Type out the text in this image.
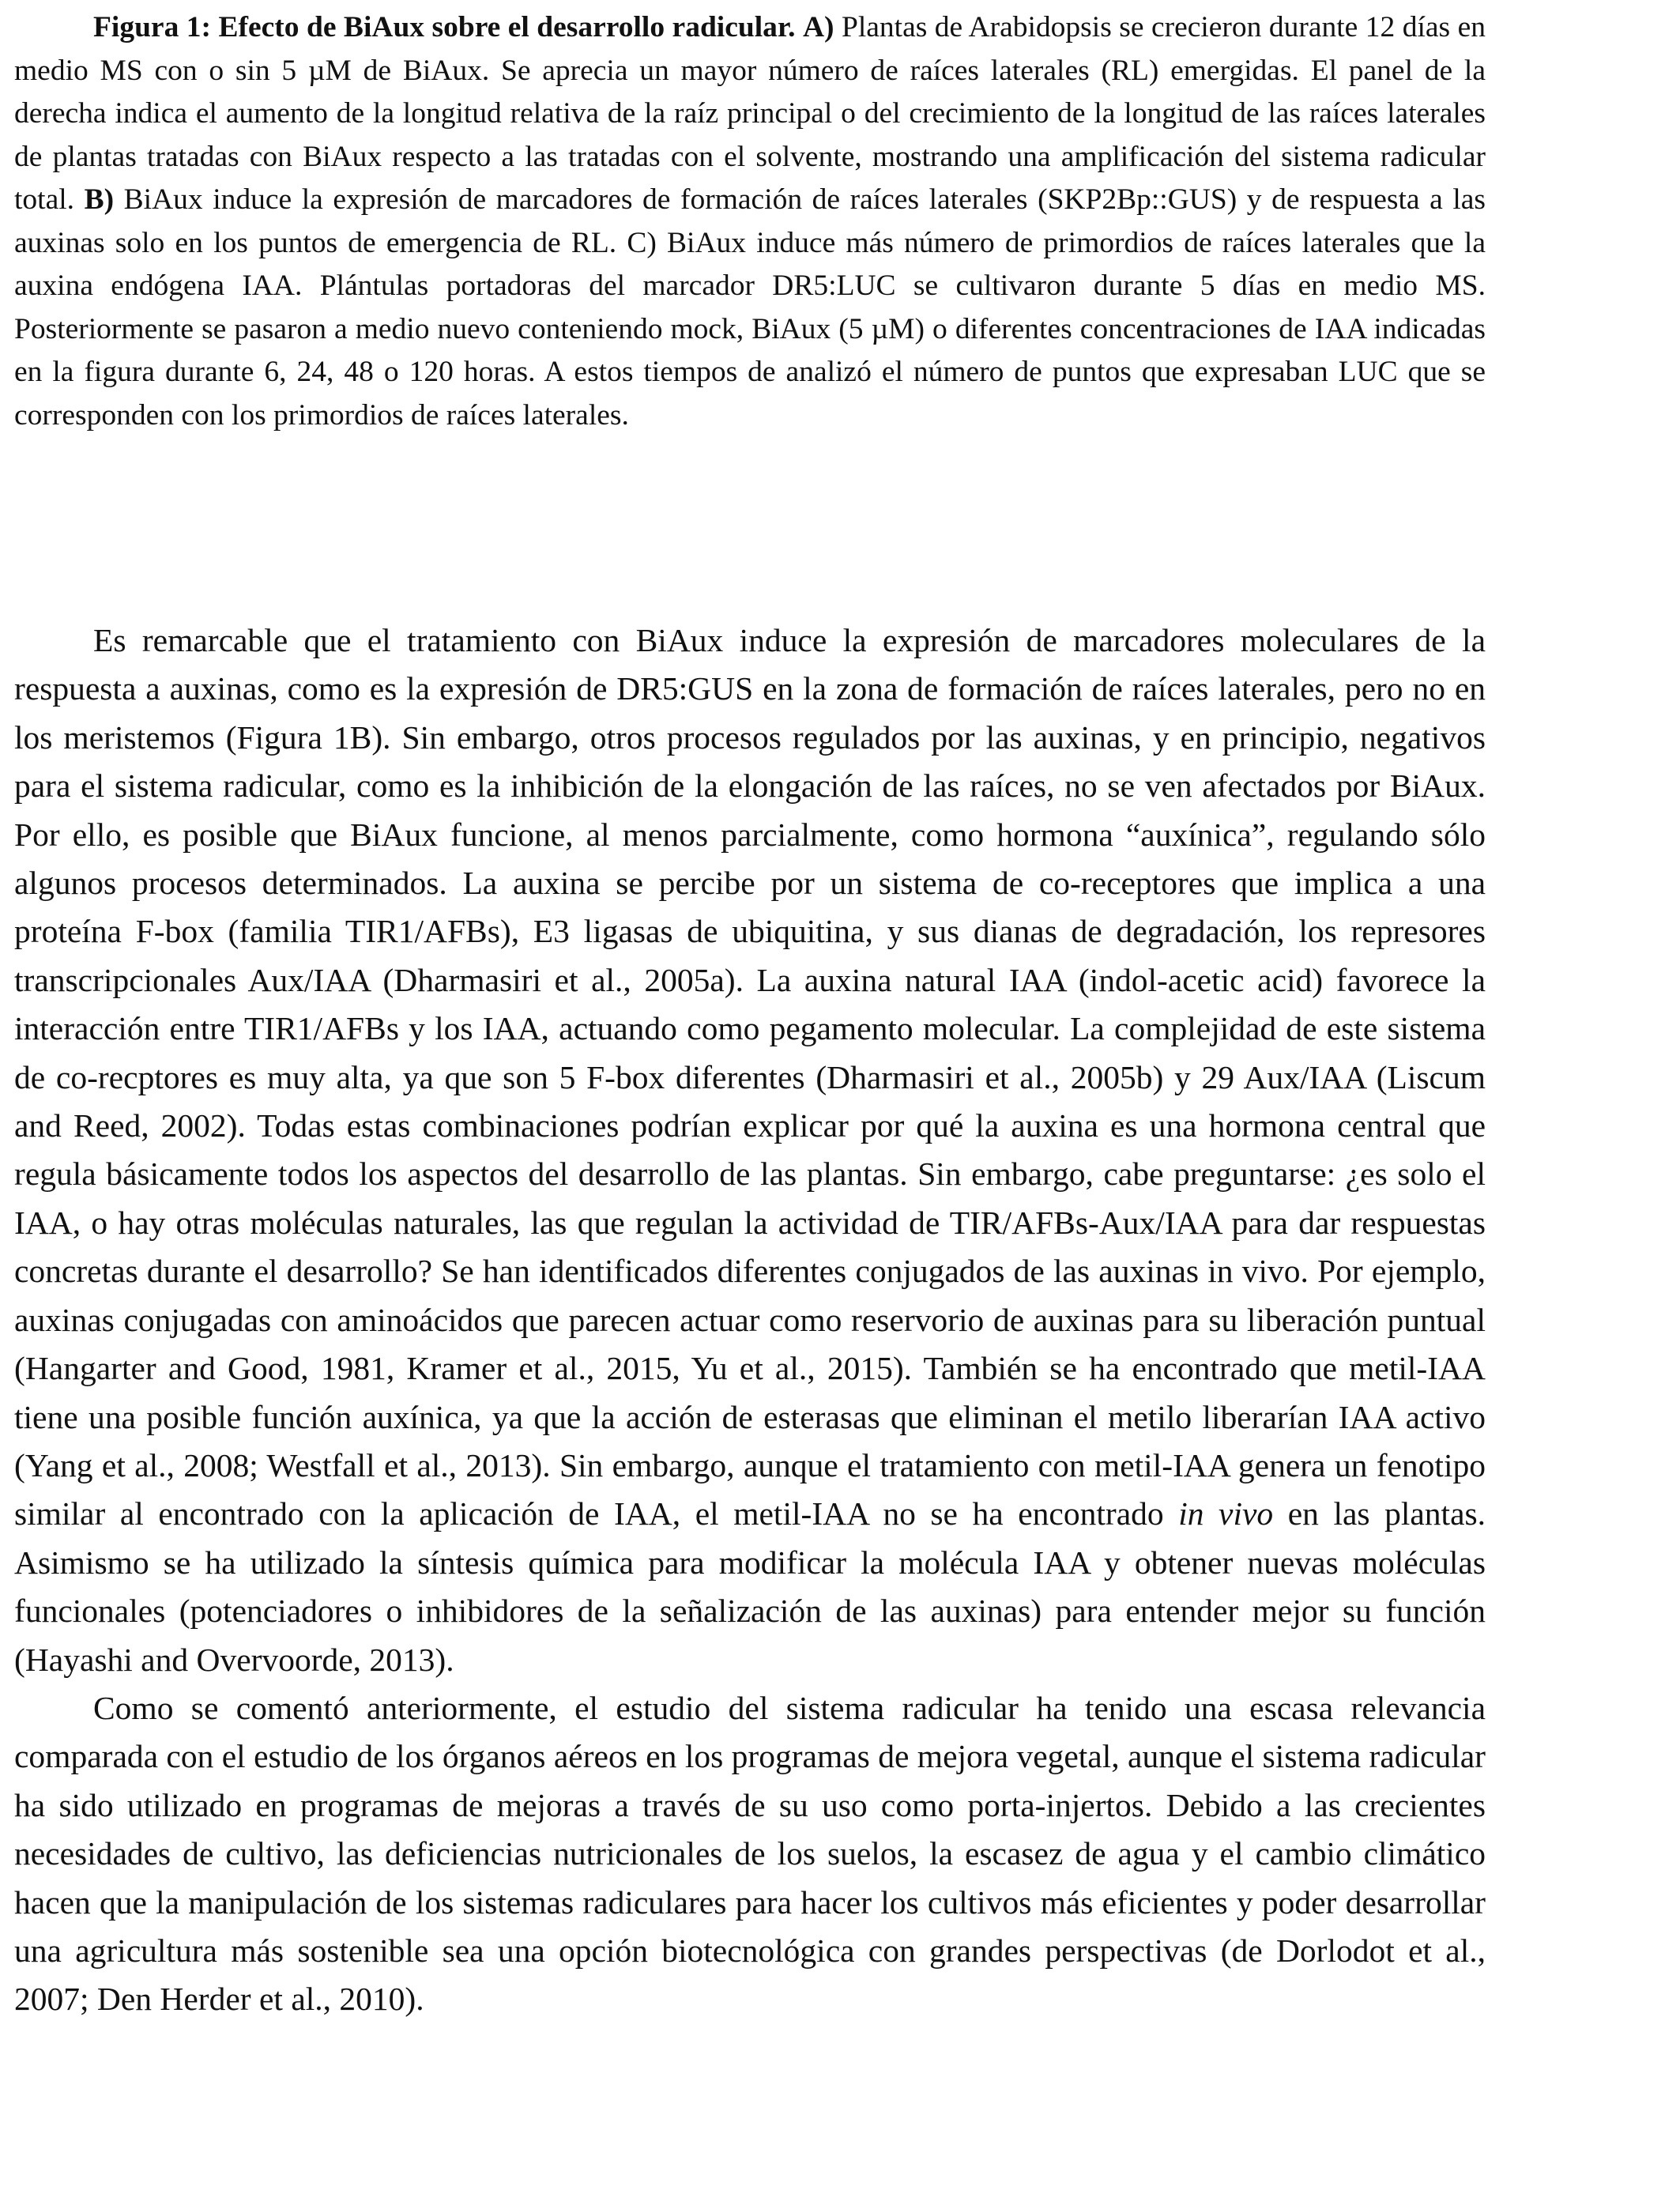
Figura 1: Efecto de BiAux sobre el desarrollo radicular. A) Plantas de Arabidopsis se crecieron durante 12 días en medio MS con o sin 5 µM de BiAux. Se aprecia un mayor número de raíces laterales (RL) emergidas. El panel de la derecha indica el aumento de la longitud relativa de la raíz principal o del crecimiento de la longitud de las raíces laterales de plantas tratadas con BiAux respecto a las tratadas con el solvente, mostrando una amplificación del sistema radicular total. B) BiAux induce la expresión de marcadores de formación de raíces laterales (SKP2Bp::GUS) y de respuesta a las auxinas solo en los puntos de emergencia de RL. C) BiAux induce más número de primordios de raíces laterales que la auxina endógena IAA. Plántulas portadoras del marcador DR5:LUC se cultivaron durante 5 días en medio MS. Posteriormente se pasaron a medio nuevo conteniendo mock, BiAux (5 µM) o diferentes concentraciones de IAA indicadas en la figura durante 6, 24, 48 o 120 horas. A estos tiempos de analizó el número de puntos que expresaban LUC que se corresponden con los primordios de raíces laterales.

Es remarcable que el tratamiento con BiAux induce la expresión de marcadores moleculares de la respuesta a auxinas, como es la expresión de DR5:GUS en la zona de formación de raíces laterales, pero no en los meristemos (Figura 1B). Sin embargo, otros procesos regulados por las auxinas, y en principio, negativos para el sistema radicular, como es la inhibición de la elongación de las raíces, no se ven afectados por BiAux. Por ello, es posible que BiAux funcione, al menos parcialmente, como hormona “auxínica”, regulando sólo algunos procesos determinados. La auxina se percibe por un sistema de co-receptores que implica a una proteína F-box (familia TIR1/AFBs), E3 ligasas de ubiquitina, y sus dianas de degradación, los represores transcripcionales Aux/IAA (Dharmasiri et al., 2005a). La auxina natural IAA (indol-acetic acid) favorece la interacción entre TIR1/AFBs y los IAA, actuando como pegamento molecular. La complejidad de este sistema de co-recptores es muy alta, ya que son 5 F-box diferentes (Dharmasiri et al., 2005b) y 29 Aux/IAA (Liscum and Reed, 2002). Todas estas combinaciones podrían explicar por qué la auxina es una hormona central que regula básicamente todos los aspectos del desarrollo de las plantas. Sin embargo, cabe preguntarse: ¿es solo el IAA, o hay otras moléculas naturales, las que regulan la actividad de TIR/AFBs-Aux/IAA para dar respuestas concretas durante el desarrollo? Se han identificados diferentes conjugados de las auxinas in vivo. Por ejemplo, auxinas conjugadas con aminoácidos que parecen actuar como reservorio de auxinas para su liberación puntual (Hangarter and Good, 1981, Kramer et al., 2015, Yu et al., 2015). También se ha encontrado que metil-IAA tiene una posible función auxínica, ya que la acción de esterasas que eliminan el metilo liberarían IAA activo (Yang et al., 2008; Westfall et al., 2013). Sin embargo, aunque el tratamiento con metil-IAA genera un fenotipo similar al encontrado con la aplicación de IAA, el metil-IAA no se ha encontrado in vivo en las plantas. Asimismo se ha utilizado la síntesis química para modificar la molécula IAA y obtener nuevas moléculas funcionales (potenciadores o inhibidores de la señalización de las auxinas) para entender mejor su función (Hayashi and Overvoorde, 2013).

Como se comentó anteriormente, el estudio del sistema radicular ha tenido una escasa relevancia comparada con el estudio de los órganos aéreos en los programas de mejora vegetal, aunque el sistema radicular ha sido utilizado en programas de mejoras a través de su uso como porta-injertos. Debido a las crecientes necesidades de cultivo, las deficiencias nutricionales de los suelos, la escasez de agua y el cambio climático hacen que la manipulación de los sistemas radiculares para hacer los cultivos más eficientes y poder desarrollar una agricultura más sostenible sea una opción biotecnológica con grandes perspectivas (de Dorlodot et al., 2007; Den Herder et al., 2010).
